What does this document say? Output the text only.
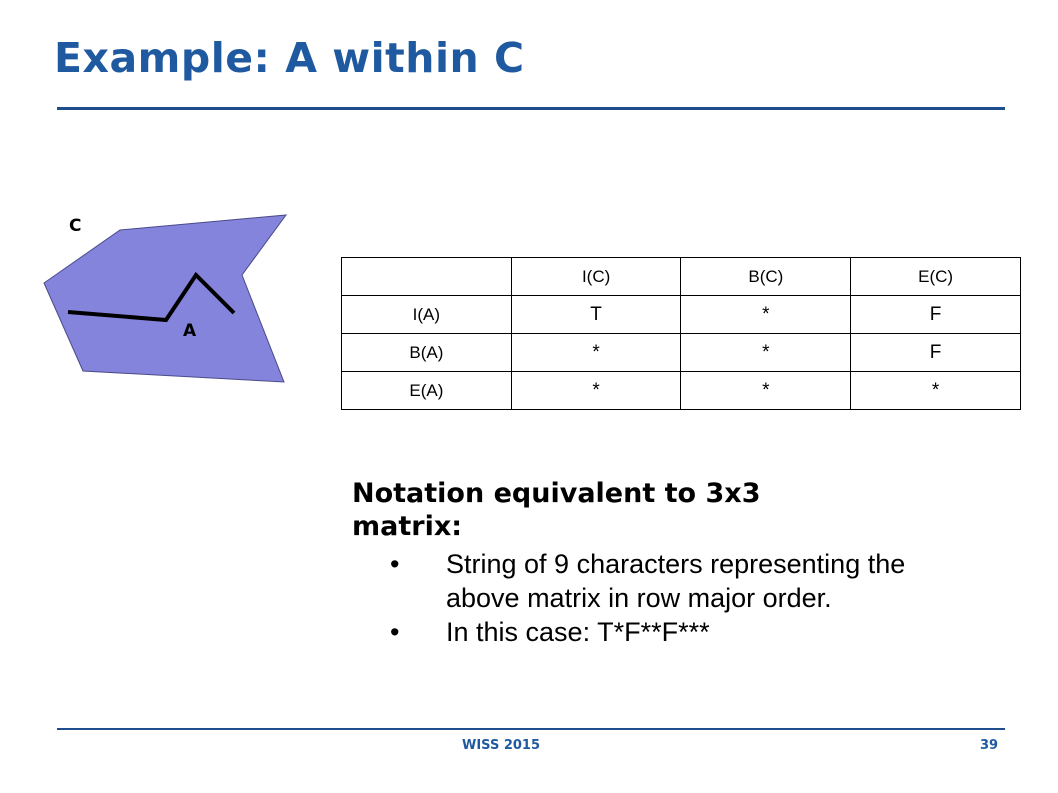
Example: A within C
C
A
	I(C)	B(C)	E(C)
I(A)	T	*	F
B(A)	*	*	F
E(A)	*	*	*

Notation equivalent to 3x3 matrix:

• String of 9 characters representing the above matrix in row major order.
• In this case: T*F**F***
WISS 2015	39
